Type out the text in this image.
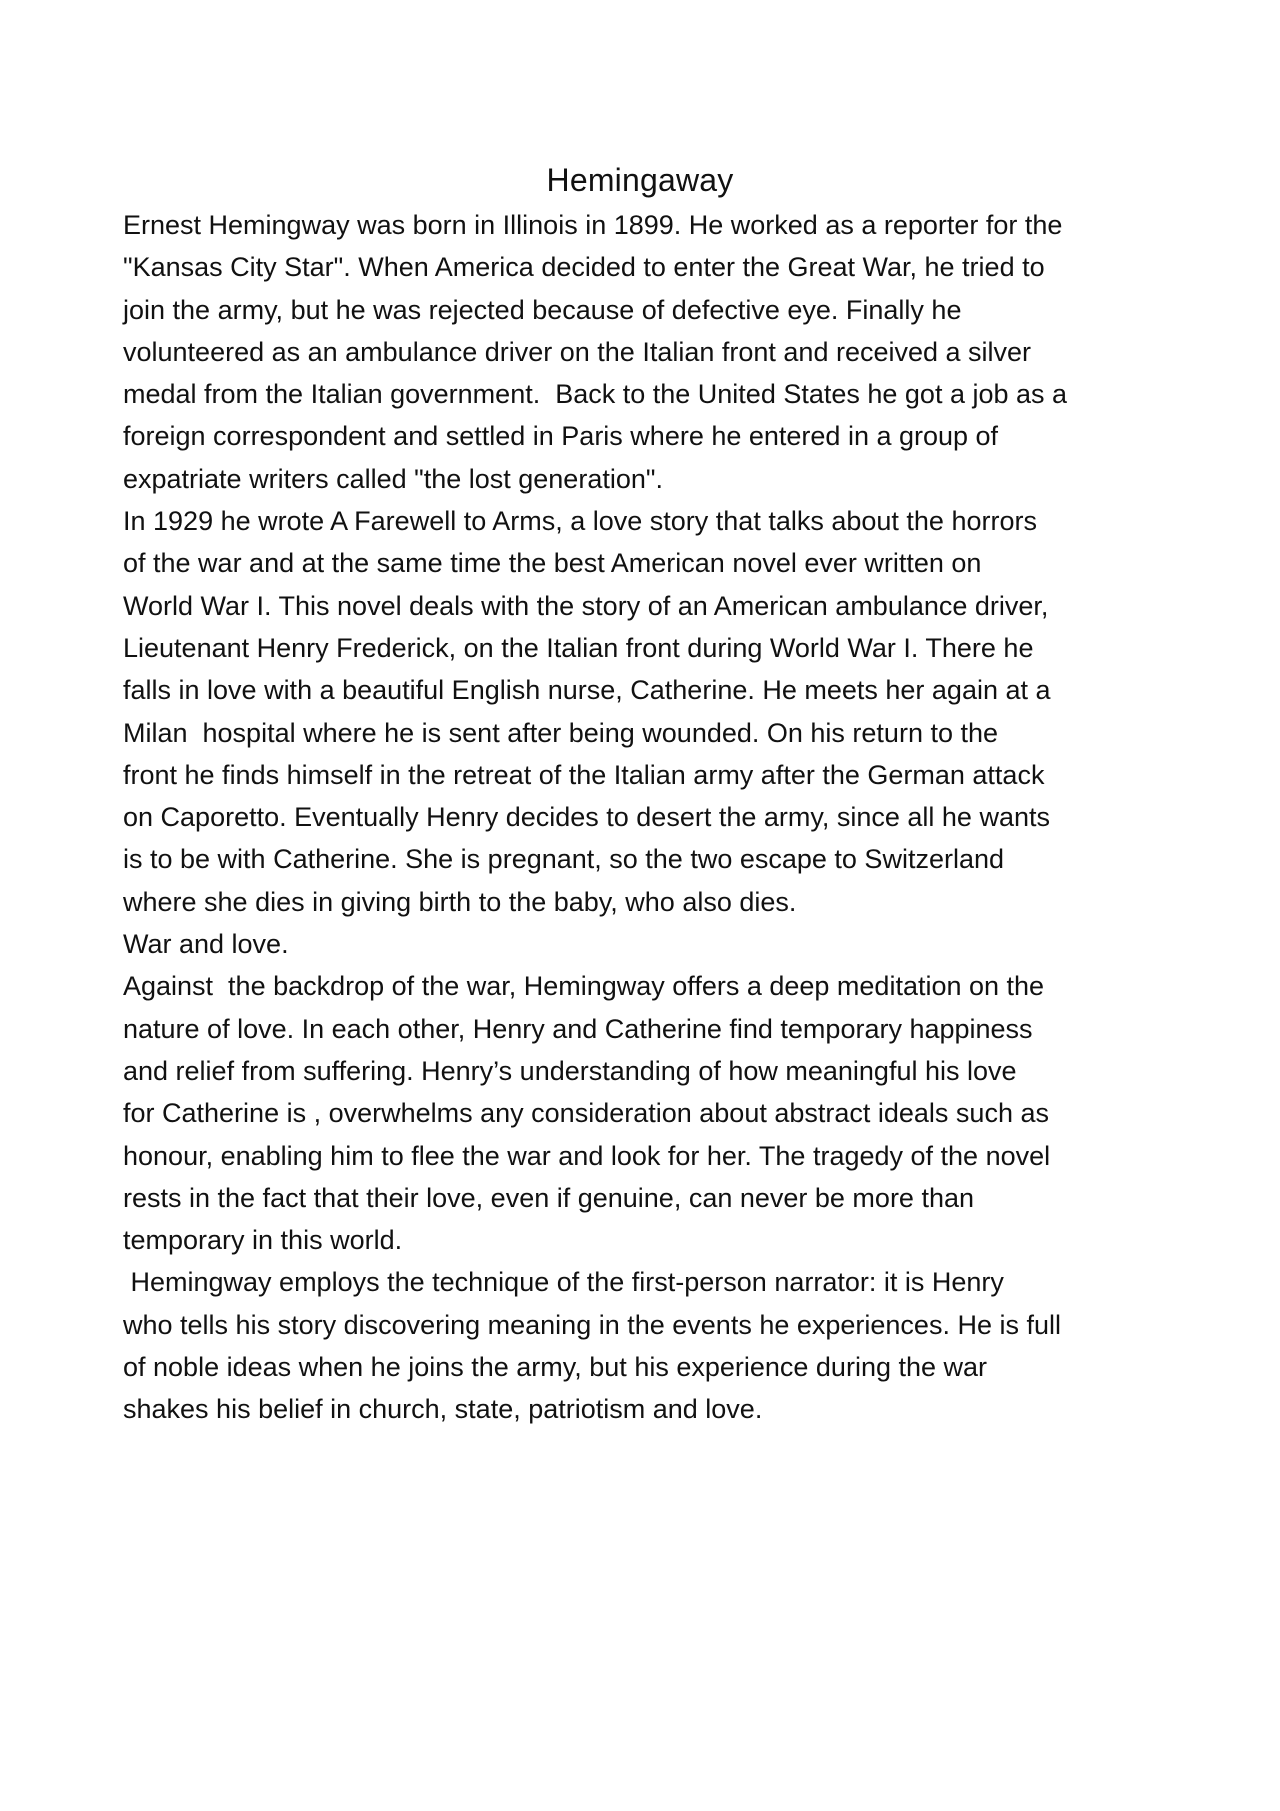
Hemingaway
Ernest Hemingway was born in Illinois in 1899. He worked as a reporter for the
"Kansas City Star". When America decided to enter the Great War, he tried to
join the army, but he was rejected because of defective eye. Finally he
volunteered as an ambulance driver on the Italian front and received a silver
medal from the Italian government.  Back to the United States he got a job as a
foreign correspondent and settled in Paris where he entered in a group of
expatriate writers called "the lost generation".
In 1929 he wrote A Farewell to Arms, a love story that talks about the horrors
of the war and at the same time the best American novel ever written on
World War I. This novel deals with the story of an American ambulance driver,
Lieutenant Henry Frederick, on the Italian front during World War I. There he
falls in love with a beautiful English nurse, Catherine. He meets her again at a
Milan  hospital where he is sent after being wounded. On his return to the
front he finds himself in the retreat of the Italian army after the German attack
on Caporetto. Eventually Henry decides to desert the army, since all he wants
is to be with Catherine. She is pregnant, so the two escape to Switzerland
where she dies in giving birth to the baby, who also dies.
War and love.
Against  the backdrop of the war, Hemingway offers a deep meditation on the
nature of love. In each other, Henry and Catherine find temporary happiness
and relief from suffering. Henry’s understanding of how meaningful his love
for Catherine is , overwhelms any consideration about abstract ideals such as
honour, enabling him to flee the war and look for her. The tragedy of the novel
rests in the fact that their love, even if genuine, can never be more than
temporary in this world.
Hemingway employs the technique of the first-person narrator: it is Henry
who tells his story discovering meaning in the events he experiences. He is full
of noble ideas when he joins the army, but his experience during the war
shakes his belief in church, state, patriotism and love.
